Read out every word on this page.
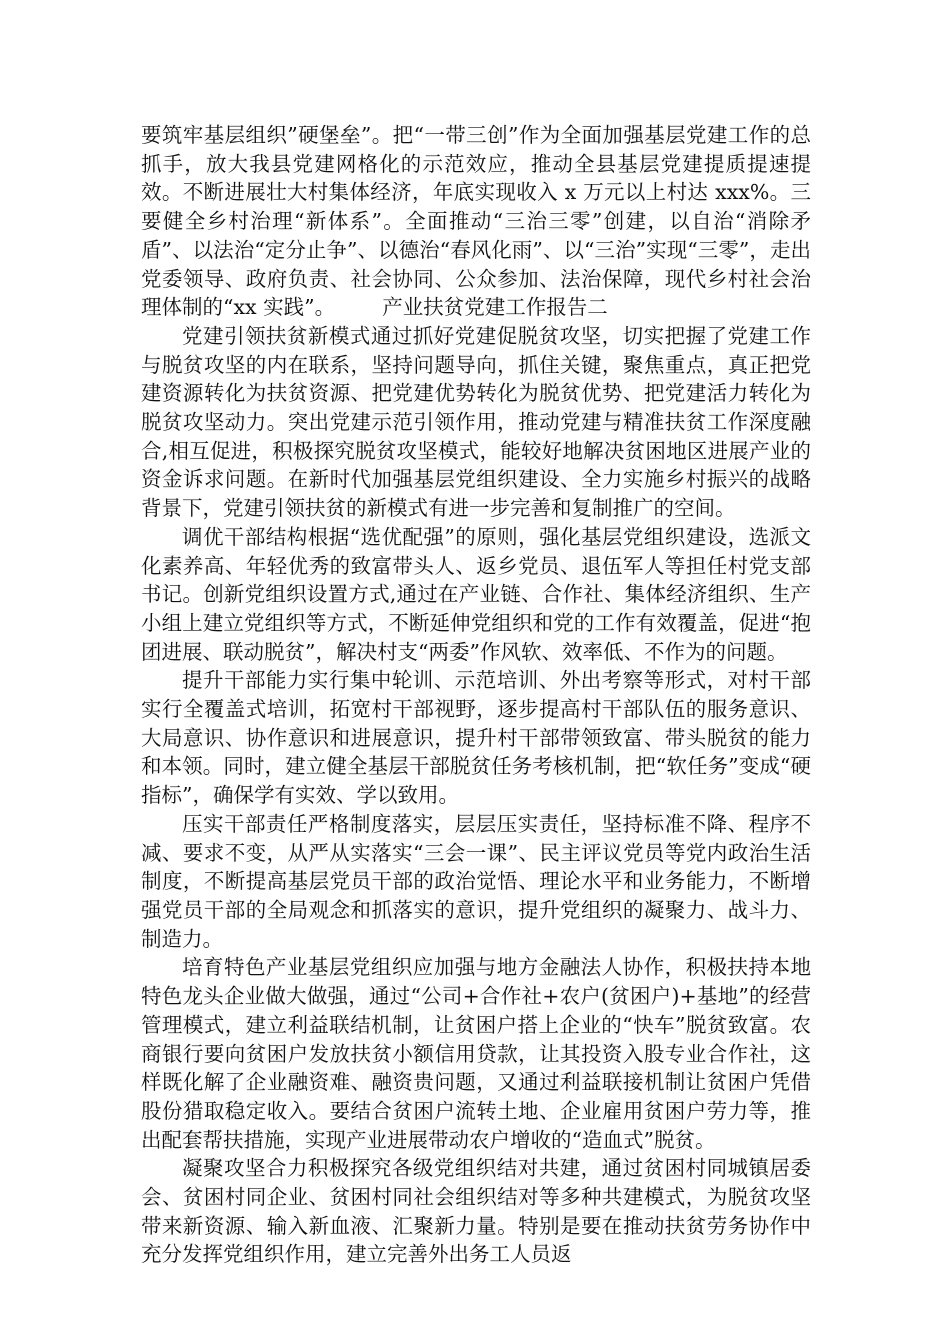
要筑牢基层组织”硬堡垒”。把“一带三创”作为全面加强基层党建工作的总抓手，放大我县党建网格化的示范效应，推动全县基层党建提质提速提效。不断进展壮大村集体经济，年底实现收入 x 万元以上村达 xxx%。三要健全乡村治理“新体系”。全面推动“三治三零”创建，以自治“消除矛盾”、以法治“定分止争”、以德治“春风化雨”、以“三治”实现“三零”，走出党委领导、政府负责、社会协同、公众参加、法治保障，现代乡村社会治理体制的“xx 实践”。 产业扶贫党建工作报告二

党建引领扶贫新模式通过抓好党建促脱贫攻坚，切实把握了党建工作与脱贫攻坚的内在联系，坚持问题导向，抓住关键，聚焦重点，真正把党建资源转化为扶贫资源、把党建优势转化为脱贫优势、把党建活力转化为脱贫攻坚动力。突出党建示范引领作用，推动党建与精准扶贫工作深度融合,相互促进，积极探究脱贫攻坚模式，能较好地解决贫困地区进展产业的资金诉求问题。在新时代加强基层党组织建设、全力实施乡村振兴的战略背景下，党建引领扶贫的新模式有进一步完善和复制推广的空间。

调优干部结构根据“选优配强”的原则，强化基层党组织建设，选派文化素养高、年轻优秀的致富带头人、返乡党员、退伍军人等担任村党支部书记。创新党组织设置方式,通过在产业链、合作社、集体经济组织、生产小组上建立党组织等方式，不断延伸党组织和党的工作有效覆盖，促进“抱团进展、联动脱贫”，解决村支“两委”作风软、效率低、不作为的问题。

提升干部能力实行集中轮训、示范培训、外出考察等形式，对村干部实行全覆盖式培训，拓宽村干部视野，逐步提高村干部队伍的服务意识、大局意识、协作意识和进展意识，提升村干部带领致富、带头脱贫的能力和本领。同时，建立健全基层干部脱贫任务考核机制，把“软任务”变成“硬指标”，确保学有实效、学以致用。

压实干部责任严格制度落实，层层压实责任，坚持标准不降、程序不减、要求不变，从严从实落实“三会一课”、民主评议党员等党内政治生活制度，不断提高基层党员干部的政治觉悟、理论水平和业务能力，不断增强党员干部的全局观念和抓落实的意识，提升党组织的凝聚力、战斗力、制造力。

培育特色产业基层党组织应加强与地方金融法人协作，积极扶持本地特色龙头企业做大做强，通过“公司+合作社+农户(贫困户)+基地”的经营管理模式，建立利益联结机制，让贫困户搭上企业的“快车”脱贫致富。农商银行要向贫困户发放扶贫小额信用贷款，让其投资入股专业合作社，这样既化解了企业融资难、融资贵问题，又通过利益联接机制让贫困户凭借股份猎取稳定收入。要结合贫困户流转土地、企业雇用贫困户劳力等，推出配套帮扶措施，实现产业进展带动农户增收的“造血式”脱贫。

凝聚攻坚合力积极探究各级党组织结对共建，通过贫困村同城镇居委会、贫困村同企业、贫困村同社会组织结对等多种共建模式，为脱贫攻坚带来新资源、输入新血液、汇聚新力量。特别是要在推动扶贫劳务协作中充分发挥党组织作用，建立完善外出务工人员返
